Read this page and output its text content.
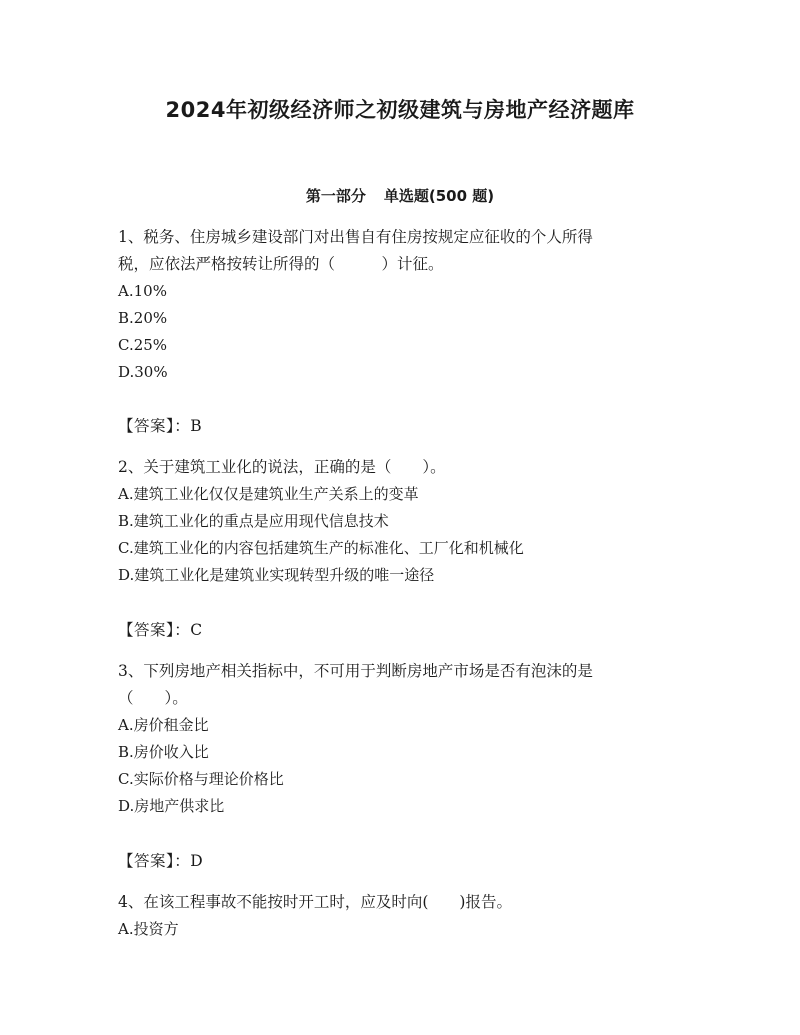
2024年初级经济师之初级建筑与房地产经济题库
第一部分 单选题(500 题)
1、税务、住房城乡建设部门对出售自有住房按规定应征收的个人所得
税，应依法严格按转让所得的（　　　）计征。
A.10%
B.20%
C.25%
D.30%
【答案】：B
2、关于建筑工业化的说法，正确的是（　　）。
A.建筑工业化仅仅是建筑业生产关系上的变革
B.建筑工业化的重点是应用现代信息技术
C.建筑工业化的内容包括建筑生产的标准化、工厂化和机械化
D.建筑工业化是建筑业实现转型升级的唯一途径
【答案】：C
3、下列房地产相关指标中，不可用于判断房地产市场是否有泡沫的是
（　　）。
A.房价租金比
B.房价收入比
C.实际价格与理论价格比
D.房地产供求比
【答案】：D
4、在该工程事故不能按时开工时，应及时向(　　)报告。
A.投资方
